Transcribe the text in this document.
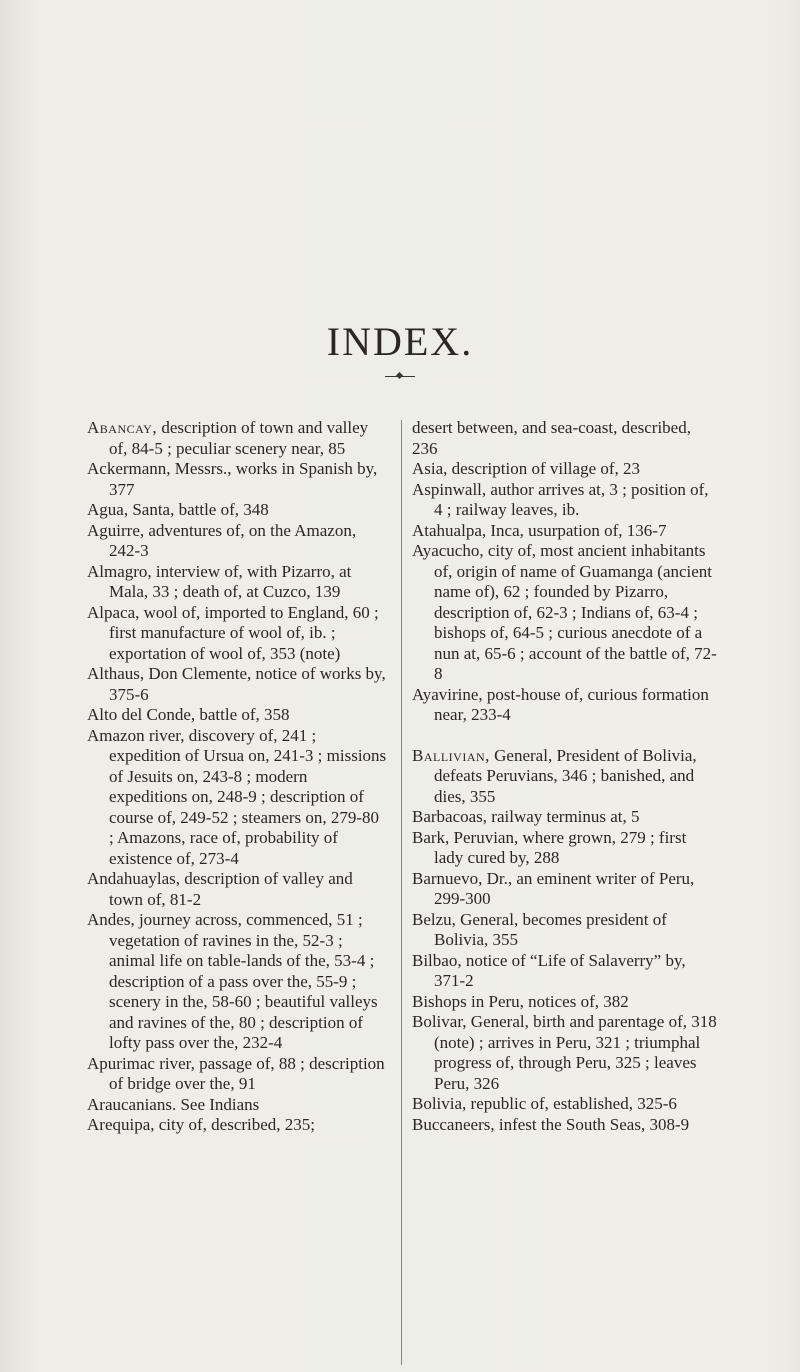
INDEX.

Abancay, description of town and valley of, 84-5 ; peculiar scenery near, 85

Ackermann, Messrs., works in Spanish by, 377

Agua, Santa, battle of, 348

Aguirre, adventures of, on the Amazon, 242-3

Almagro, interview of, with Pizarro, at Mala, 33 ; death of, at Cuzco, 139

Alpaca, wool of, imported to England, 60 ; first manufacture of wool of, ib. ; exportation of wool of, 353 (note)

Althaus, Don Clemente, notice of works by, 375-6

Alto del Conde, battle of, 358

Amazon river, discovery of, 241 ; expedition of Ursua on, 241-3 ; missions of Jesuits on, 243-8 ; modern expeditions on, 248-9 ; description of course of, 249-52 ; steamers on, 279-80 ; Amazons, race of, probability of existence of, 273-4

Andahuaylas, description of valley and town of, 81-2

Andes, journey across, commenced, 51 ; vegetation of ravines in the, 52-3 ; animal life on table-lands of the, 53-4 ; description of a pass over the, 55-9 ; scenery in the, 58-60 ; beautiful valleys and ravines of the, 80 ; description of lofty pass over the, 232-4

Apurimac river, passage of, 88 ; description of bridge over the, 91

Araucanians. See Indians

Arequipa, city of, described, 235;

desert between, and sea-coast, described, 236

Asia, description of village of, 23

Aspinwall, author arrives at, 3 ; position of, 4 ; railway leaves, ib.

Atahualpa, Inca, usurpation of, 136-7

Ayacucho, city of, most ancient inhabitants of, origin of name of Guamanga (ancient name of), 62 ; founded by Pizarro, description of, 62-3 ; Indians of, 63-4 ; bishops of, 64-5 ; curious anecdote of a nun at, 65-6 ; account of the battle of, 72-8

Ayavirine, post-house of, curious formation near, 233-4

Ballivian, General, President of Bolivia, defeats Peruvians, 346 ; banished, and dies, 355

Barbacoas, railway terminus at, 5

Bark, Peruvian, where grown, 279 ; first lady cured by, 288

Barnuevo, Dr., an eminent writer of Peru, 299-300

Belzu, General, becomes president of Bolivia, 355

Bilbao, notice of “Life of Salaverry” by, 371-2

Bishops in Peru, notices of, 382

Bolivar, General, birth and parentage of, 318 (note) ; arrives in Peru, 321 ; triumphal progress of, through Peru, 325 ; leaves Peru, 326

Bolivia, republic of, established, 325-6

Buccaneers, infest the South Seas, 308-9
